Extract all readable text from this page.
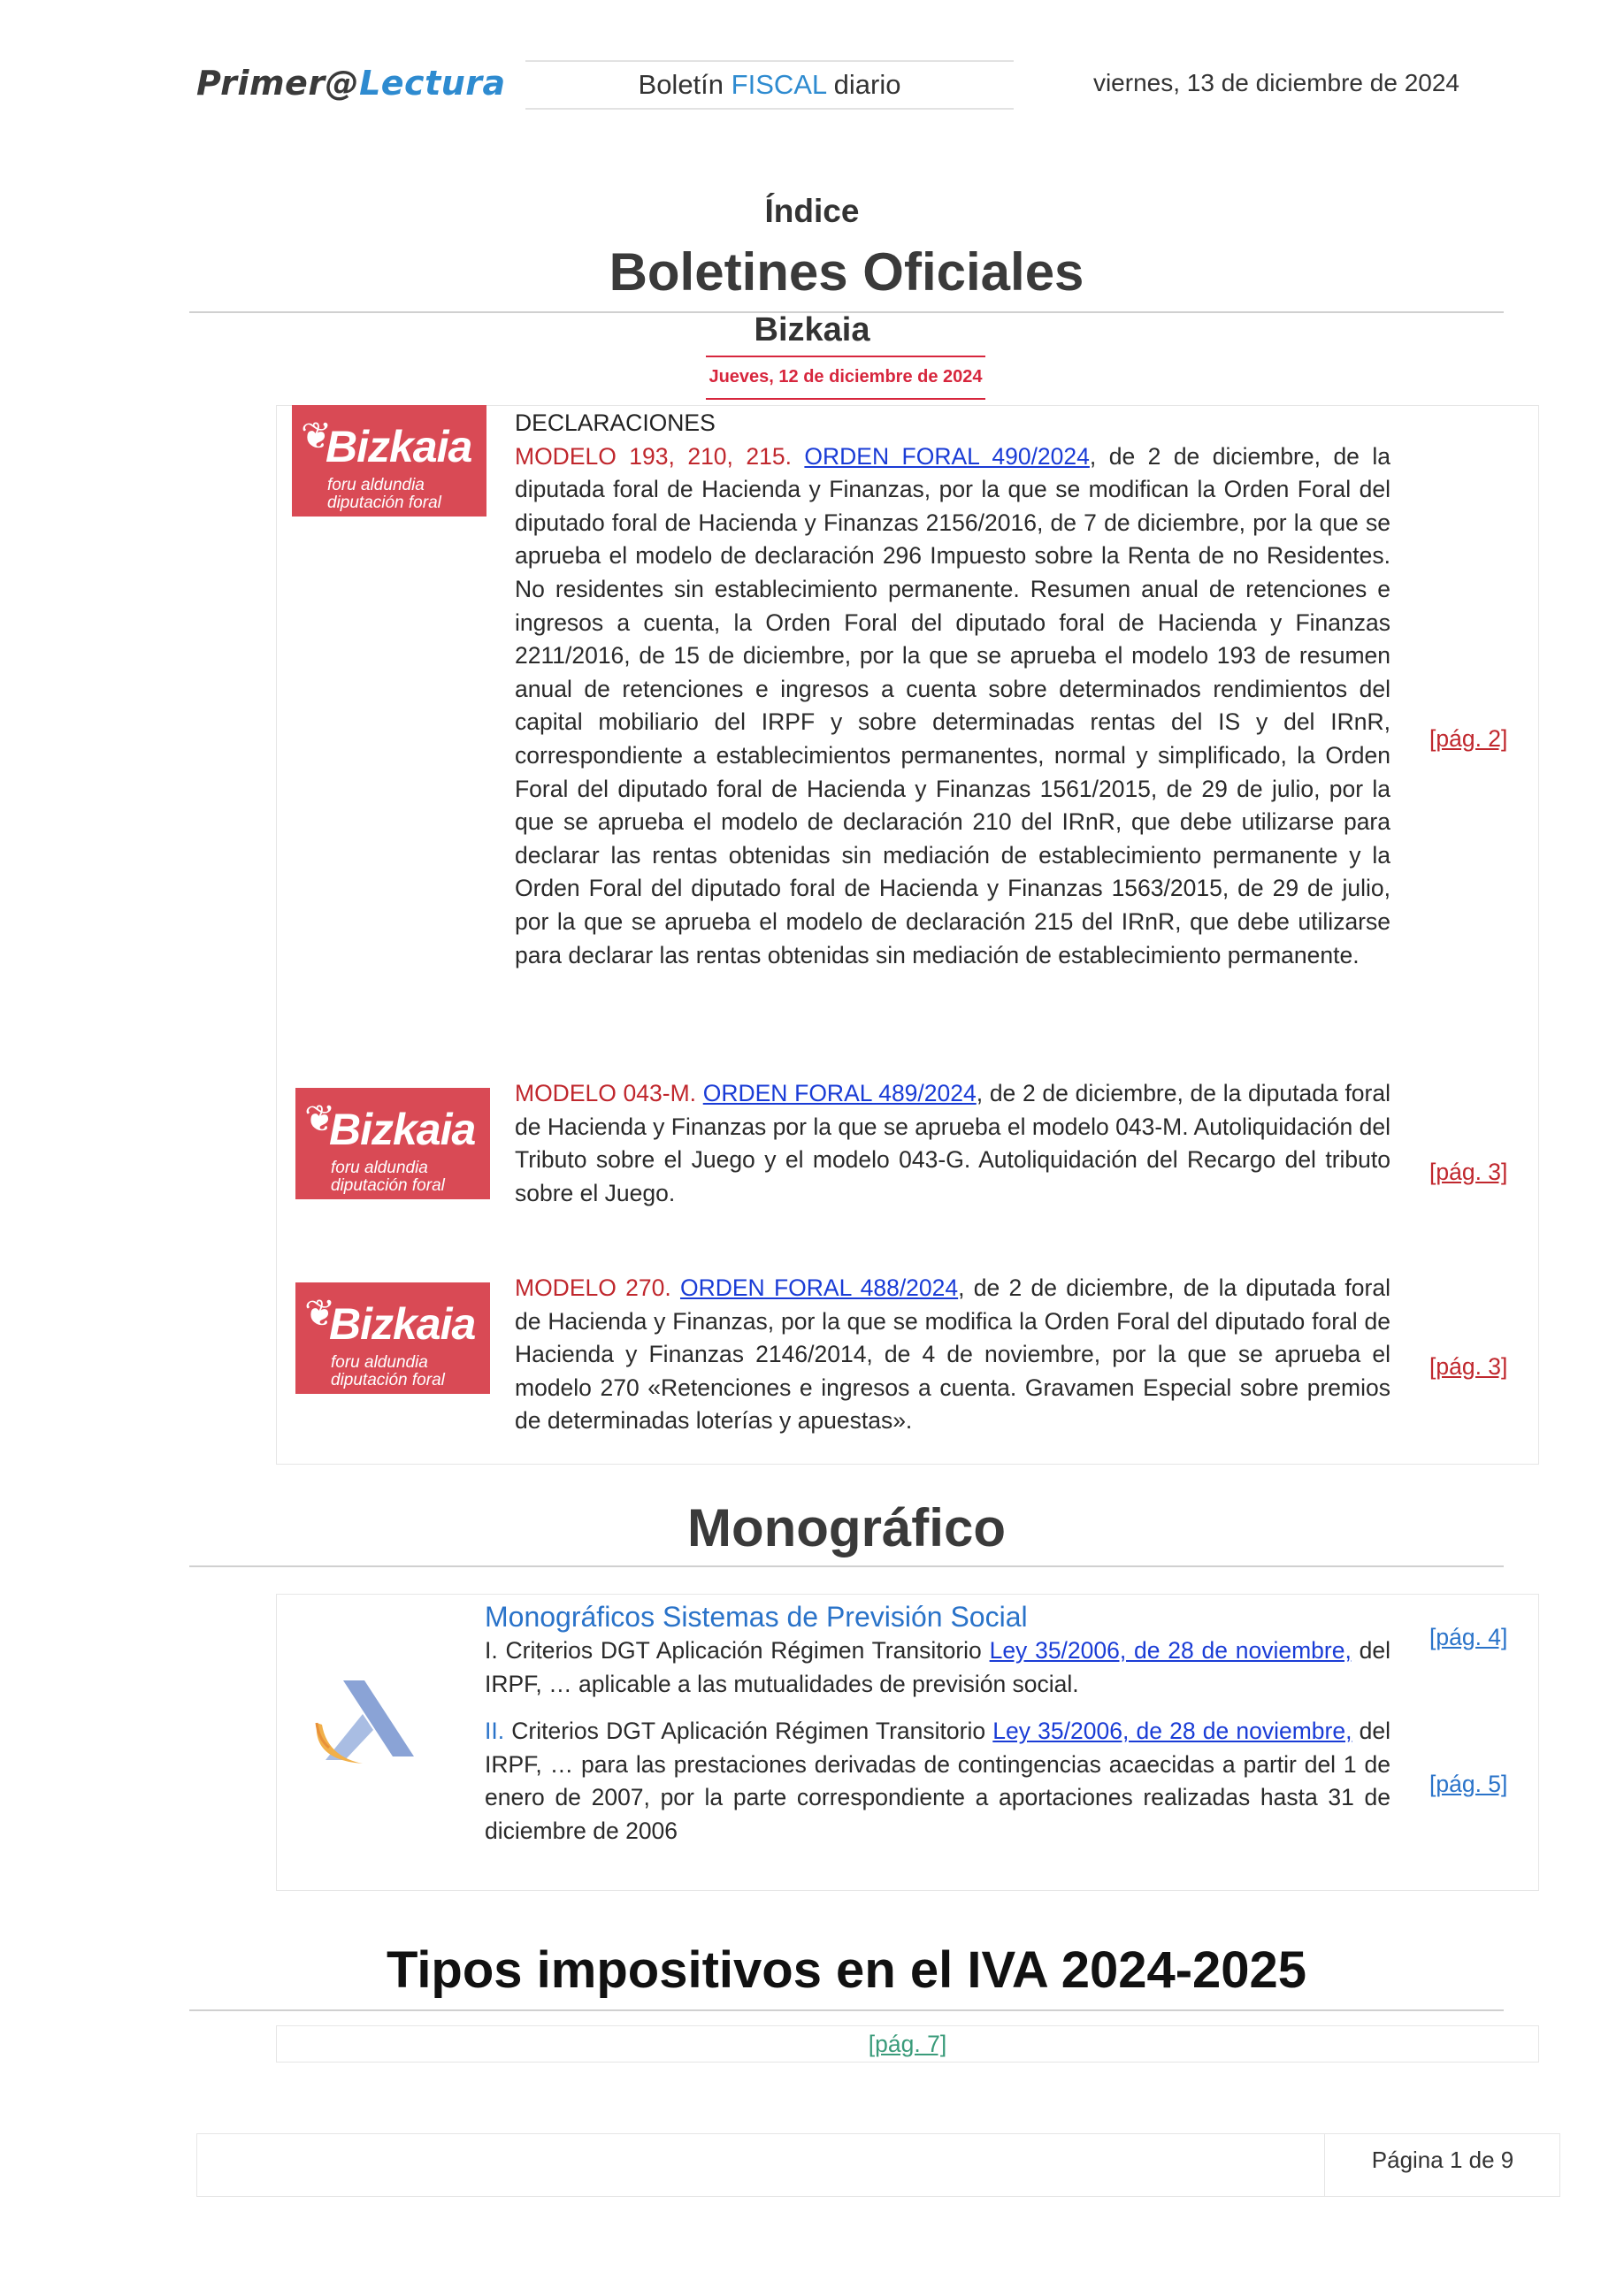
Primer@Lectura	Boletín FISCAL diario	viernes, 13 de diciembre de 2024
Índice
Boletines Oficiales
Bizkaia
Jueves, 12 de diciembre de 2024
❦
Bizkaia
foru aldundia
diputación foral
❦
Bizkaia
foru aldundia
diputación foral
❦
Bizkaia
foru aldundia
diputación foral
DECLARACIONES
MODELO 193, 210, 215. ORDEN FORAL 490/2024, de 2 de diciembre, de la diputada foral de Hacienda y Finanzas, por la que se modifican la Orden Foral del diputado foral de Hacienda y Finanzas 2156/2016, de 7 de diciembre, por la que se aprueba el modelo de declaración 296 Impuesto sobre la Renta de no Residentes. No residentes sin establecimiento permanente. Resumen anual de retenciones e ingresos a cuenta, la Orden Foral del diputado foral de Hacienda y Finanzas 2211/2016, de 15 de diciembre, por la que se aprueba el modelo 193 de resumen anual de retenciones e ingresos a cuenta sobre determinados rendimientos del capital mobiliario del IRPF y sobre determinadas rentas del IS y del IRnR, correspondiente a establecimientos permanentes, normal y simplificado, la Orden Foral del diputado foral de Hacienda y Finanzas 1561/2015, de 29 de julio, por la que se aprueba el modelo de declaración 210 del IRnR, que debe utilizarse para declarar las rentas obtenidas sin mediación de establecimiento permanente y la Orden Foral del diputado foral de Hacienda y Finanzas 1563/2015, de 29 de julio, por la que se aprueba el modelo de declaración 215 del IRnR, que debe utilizarse para declarar las rentas obtenidas sin mediación de establecimiento permanente.
[pág. 2]
MODELO 043-M. ORDEN FORAL 489/2024, de 2 de diciembre, de la diputada foral de Hacienda y Finanzas por la que se aprueba el modelo 043-M. Autoliquidación del Tributo sobre el Juego y el modelo 043-G. Autoliquidación del Recargo del tributo sobre el Juego.
[pág. 3]
MODELO 270. ORDEN FORAL 488/2024, de 2 de diciembre, de la diputada foral de Hacienda y Finanzas, por la que se modifica la Orden Foral del diputado foral de Hacienda y Finanzas 2146/2014, de 4 de noviembre, por la que se aprueba el modelo 270 «Retenciones e ingresos a cuenta. Gravamen Especial sobre premios de determinadas loterías y apuestas».
[pág. 3]
Monográfico
Monográficos Sistemas de Previsión Social
I. Criterios DGT Aplicación Régimen Transitorio Ley 35/2006, de 28 de noviembre, del IRPF, … aplicable a las mutualidades de previsión social.
II. Criterios DGT Aplicación Régimen Transitorio Ley 35/2006, de 28 de noviembre, del IRPF, … para las prestaciones derivadas de contingencias acaecidas a partir del 1 de enero de 2007, por la parte correspondiente a aportaciones realizadas hasta 31 de diciembre de 2006
[pág. 4]
[pág. 5]
Tipos impositivos en el IVA 2024-2025
[pág. 7]
Página 1 de 9
